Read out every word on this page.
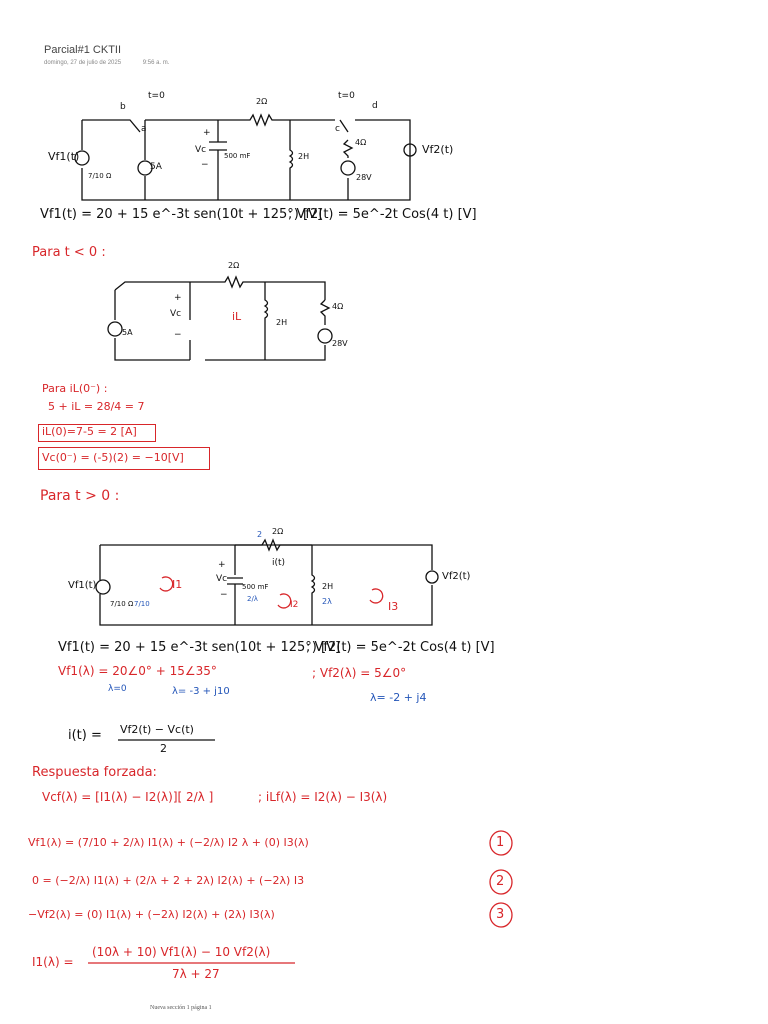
Parcial#1 CKTII
domingo, 27 de julio de 2025	9:56 a. m.
Vf1(t)
7/10 Ω
b
a
t=0
5A
+
Vc
−
500 mF
2Ω
2H
t=0
c
d
4Ω
28V
Vf2(t)
Vf1(t) = 20 + 15 e^-3t sen(10t + 125°) [V]
; Vf2(t) = 5e^-2t Cos(4 t) [V]
Para t < 0 :
2Ω
+
Vc
−
iL	2H
4Ω
5A
28V
Para iL(0⁻) :
5 + iL = 28/4 = 7
iL(0)=7-5 = 2 [A]
Vc(0⁻) = (-5)(2) = −10[V]
Para t > 0 :
Vf1(t)
7/10 Ω 7/10
I1
2 2Ω
i(t)
+
Vc
−
500 mF
2/λ
I2
2H
2λ	I3
Vf2(t)
Vf1(t) = 20 + 15 e^-3t sen(10t + 125°) [V]
; Vf2(t) = 5e^-2t Cos(4 t) [V]
Vf1(λ) = 20∠0° + 15∠35°
λ=0	λ= -3 + j10
; Vf2(λ) = 5∠0°
λ= -2 + j4
i(t) = Vf2(t) − Vc(t)
2
Respuesta forzada:
Vcf(λ) = [I1(λ) − I2(λ)][ 2/λ ]	; iLf(λ) = I2(λ) − I3(λ)
Vf1(λ) = (7/10 + 2/λ) I1(λ) + (−2/λ) I2 λ + (0) I3(λ)	1
0 = (−2/λ) I1(λ) + (2/λ + 2 + 2λ) I2(λ) + (−2λ) I3	2
−Vf2(λ) = (0) I1(λ) + (−2λ) I2(λ) + (2λ) I3(λ)	3
I1(λ) =
(10λ + 10) Vf1(λ) − 10 Vf2(λ)
7λ + 27
Nueva sección 1 página 1
